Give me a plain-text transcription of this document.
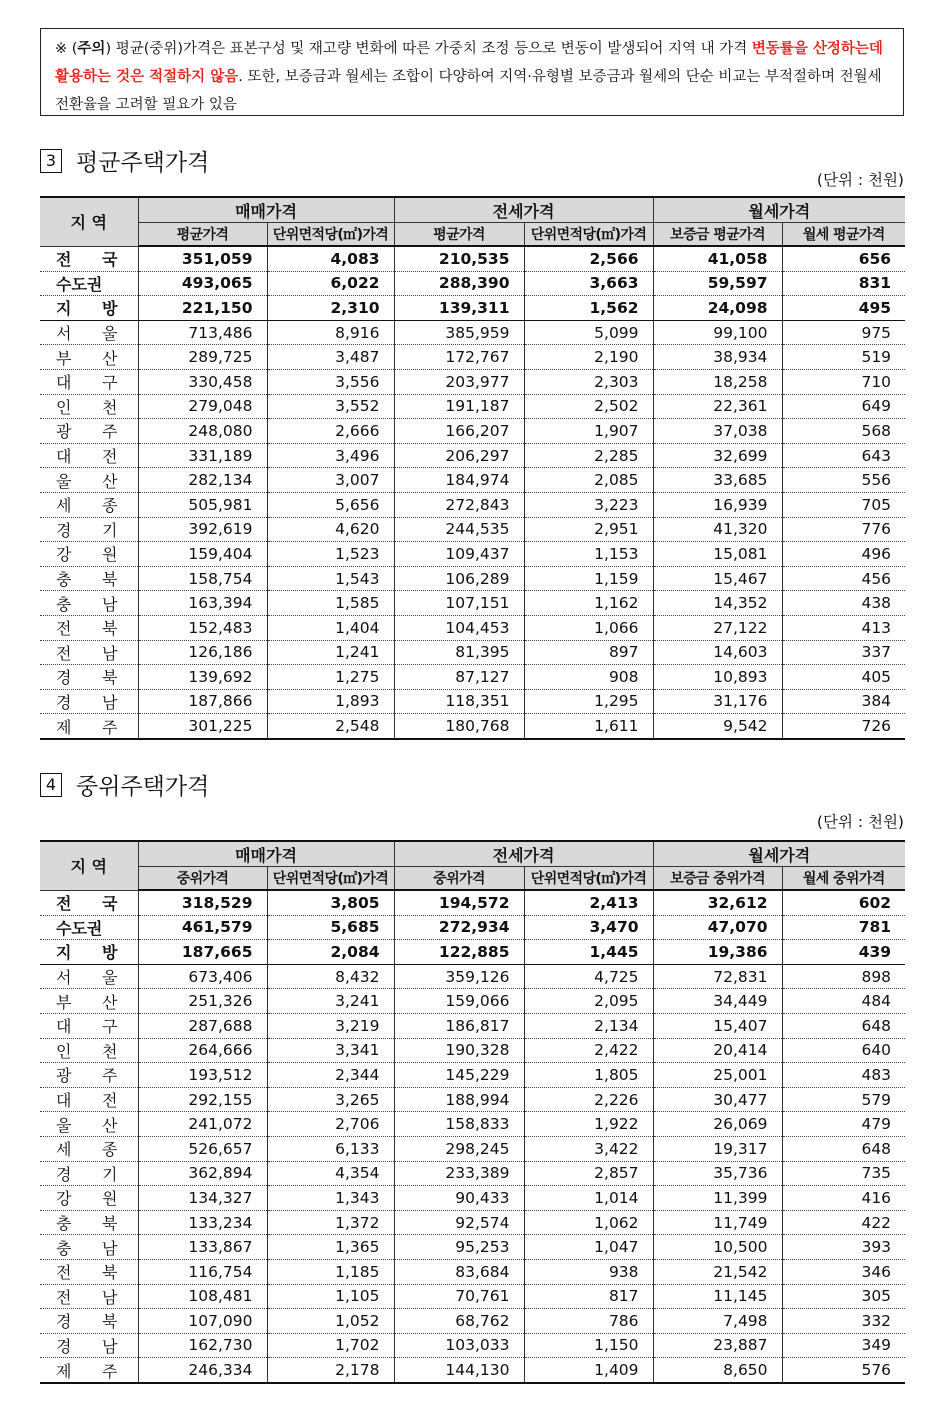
※ (주의) 평균(중위)가격은 표본구성 및 재고량 변화에 따른 가중치 조정 등으로 변동이 발생되어 지역 내 가격 변동률을 산정하는데 활용하는 것은 적절하지 않음. 또한, 보증금과 월세는 조합이 다양하여 지역·유형별 보증금과 월세의 단순 비교는 부적절하며 전월세전환율을 고려할 필요가 있음
3 평균주택가격
(단위 : 천원)
지 역	매매가격		전세가격		월세가격	
	평균가격	단위면적당(㎡)가격	평균가격	단위면적당(㎡)가격	보증금 평균가격	월세 평균가격
전 국	351,059	4,083	210,535	2,566	41,058	656
수도권	493,065	6,022	288,390	3,663	59,597	831
지 방	221,150	2,310	139,311	1,562	24,098	495
서 울	713,486	8,916	385,959	5,099	99,100	975
부 산	289,725	3,487	172,767	2,190	38,934	519
대 구	330,458	3,556	203,977	2,303	18,258	710
인 천	279,048	3,552	191,187	2,502	22,361	649
광 주	248,080	2,666	166,207	1,907	37,038	568
대 전	331,189	3,496	206,297	2,285	32,699	643
울 산	282,134	3,007	184,974	2,085	33,685	556
세 종	505,981	5,656	272,843	3,223	16,939	705
경 기	392,619	4,620	244,535	2,951	41,320	776
강 원	159,404	1,523	109,437	1,153	15,081	496
충 북	158,754	1,543	106,289	1,159	15,467	456
충 남	163,394	1,585	107,151	1,162	14,352	438
전 북	152,483	1,404	104,453	1,066	27,122	413
전 남	126,186	1,241	81,395	897	14,603	337
경 북	139,692	1,275	87,127	908	10,893	405
경 남	187,866	1,893	118,351	1,295	31,176	384
제 주	301,225	2,548	180,768	1,611	9,542	726
4 중위주택가격
(단위 : 천원)
지 역	매매가격		전세가격		월세가격	
	중위가격	단위면적당(㎡)가격	중위가격	단위면적당(㎡)가격	보증금 중위가격	월세 중위가격
전 국	318,529	3,805	194,572	2,413	32,612	602
수도권	461,579	5,685	272,934	3,470	47,070	781
지 방	187,665	2,084	122,885	1,445	19,386	439
서 울	673,406	8,432	359,126	4,725	72,831	898
부 산	251,326	3,241	159,066	2,095	34,449	484
대 구	287,688	3,219	186,817	2,134	15,407	648
인 천	264,666	3,341	190,328	2,422	20,414	640
광 주	193,512	2,344	145,229	1,805	25,001	483
대 전	292,155	3,265	188,994	2,226	30,477	579
울 산	241,072	2,706	158,833	1,922	26,069	479
세 종	526,657	6,133	298,245	3,422	19,317	648
경 기	362,894	4,354	233,389	2,857	35,736	735
강 원	134,327	1,343	90,433	1,014	11,399	416
충 북	133,234	1,372	92,574	1,062	11,749	422
충 남	133,867	1,365	95,253	1,047	10,500	393
전 북	116,754	1,185	83,684	938	21,542	346
전 남	108,481	1,105	70,761	817	11,145	305
경 북	107,090	1,052	68,762	786	7,498	332
경 남	162,730	1,702	103,033	1,150	23,887	349
제 주	246,334	2,178	144,130	1,409	8,650	576
